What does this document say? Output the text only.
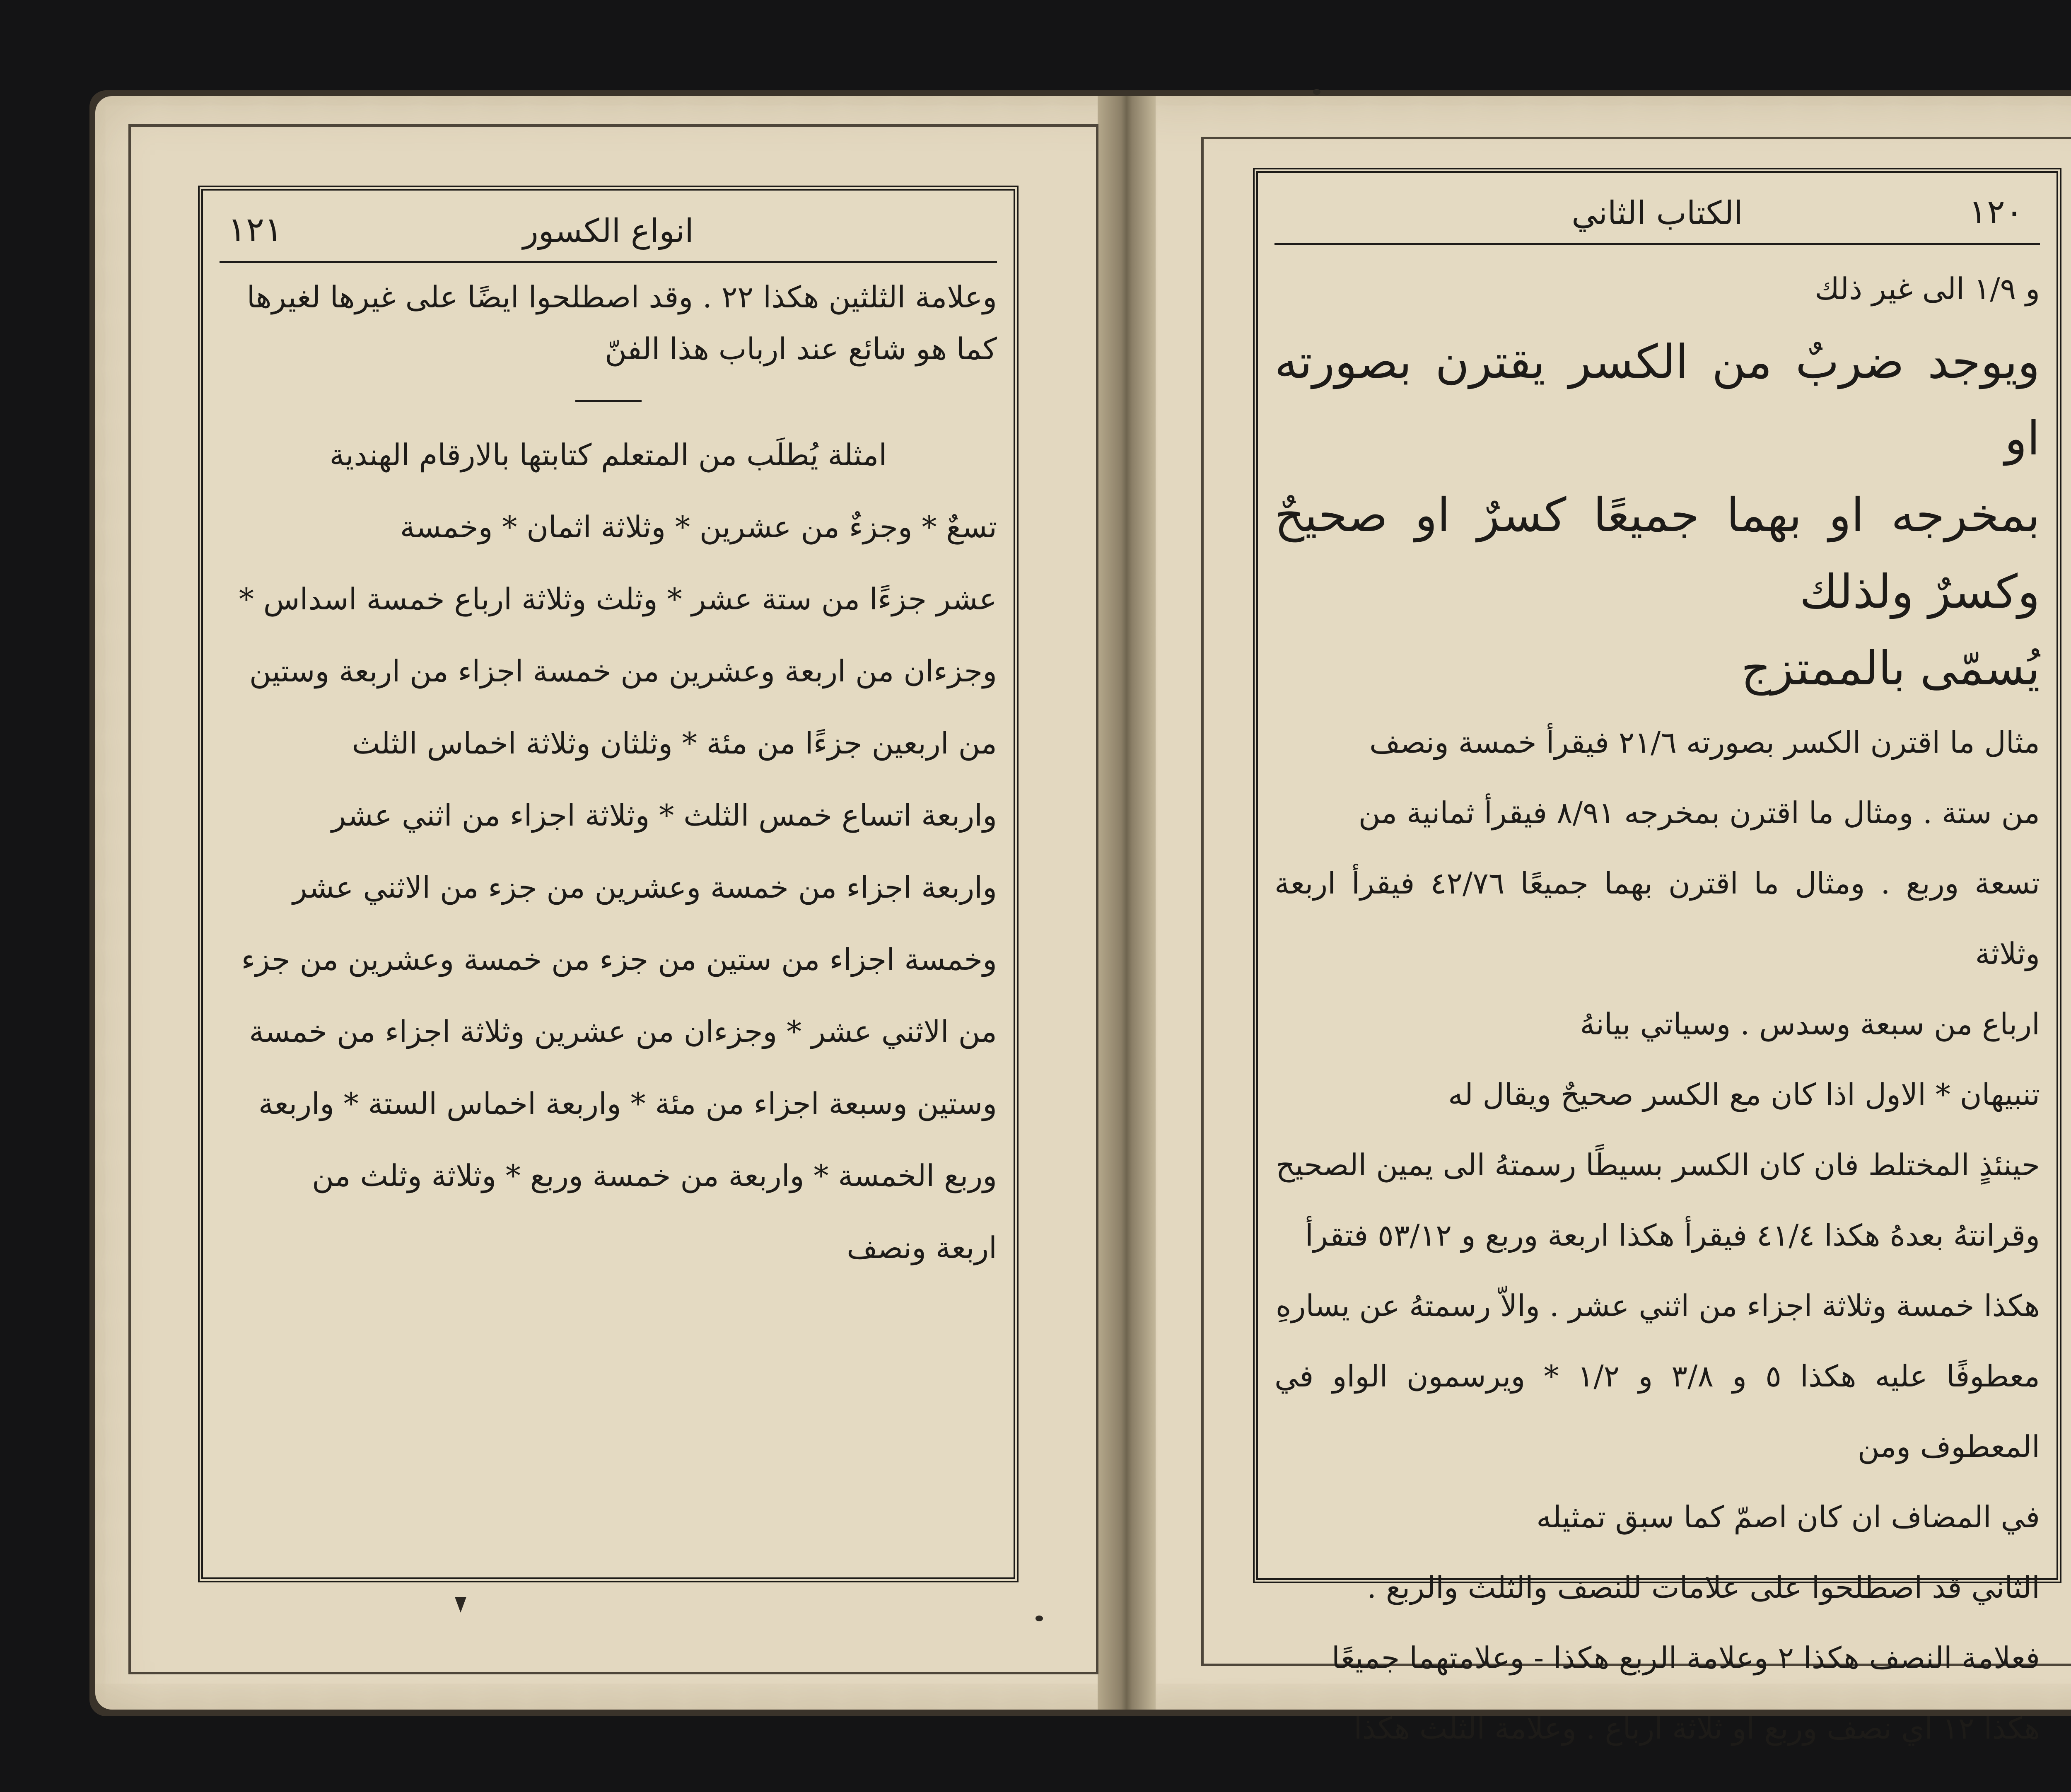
انواع الكسور
١٢١

وعلامة الثلثين هكذا ٢٢ . وقد اصطلحوا ايضًا على غيرها لغيرها

كما هو شائع عند ارباب هذا الفنّ

امثلة يُطلَب من المتعلم كتابتها بالارقام الهندية

تسعٌ * وجزءٌ من عشرين * وثلاثة اثمان * وخمسة

عشر جزءًا من ستة عشر * وثلث وثلاثة ارباع خمسة اسداس *

وجزءان من اربعة وعشرين من خمسة اجزاء من اربعة وستين

من اربعين جزءًا من مئة * وثلثان وثلاثة اخماس الثلث

واربعة اتساع خمس الثلث * وثلاثة اجزاء من اثني عشر

واربعة اجزاء من خمسة وعشرين من جزء من الاثني عشر

وخمسة اجزاء من ستين من جزء من خمسة وعشرين من جزء

من الاثني عشر * وجزءان من عشرين وثلاثة اجزاء من خمسة

وستين وسبعة اجزاء من مئة * واربعة اخماس الستة * واربعة

وربع الخمسة * واربعة من خمسة وربع * وثلاثة وثلث من

اربعة ونصف

الكتاب الثاني	١٢٠

و ١/٩ الى غير ذلك

ويوجد ضربٌ من الكسر يقترن بصورته او

بمخرجه او بهما جميعًا كسرٌ او صحيحٌ وكسرٌ ولذلك

يُسمّى بالممتزج

مثال ما اقترن الكسر بصورته ٢١/٦ فيقرأ خمسة ونصف

من ستة . ومثال ما اقترن بمخرجه ٨/٩١ فيقرأ ثمانية من

تسعة وربع . ومثال ما اقترن بهما جميعًا ٤٢/٧٦ فيقرأ اربعة وثلاثة

ارباع من سبعة وسدس . وسياتي بيانهُ

تنبيهان * الاول اذا كان مع الكسر صحيحٌ ويقال له

حينئذٍ المختلط فان كان الكسر بسيطًا رسمتهُ الى يمين الصحيح

وقرانتهُ بعدهُ هكذا ٤١/٤ فيقرأ هكذا اربعة وربع و ٥٣/١٢ فتقرأ

هكذا خمسة وثلاثة اجزاء من اثني عشر . والاّ رسمتهُ عن يسارهِ

معطوفًا عليه هكذا ٥ و ٣/٨ و ١/٢ * ويرسمون الواو في المعطوف ومن

في المضاف ان كان اصمّ كما سبق تمثيله

الثاني قد اصطلحوا على علامات للنصف والثلث والربع .

فعلامة النصف هكذا ٢ وعلامة الربع هكذا - وعلامتهما جميعًا

هكذا ١٢ اي نصف وربع او ثلاثة ارباع . وعلامة الثلث هكذا
